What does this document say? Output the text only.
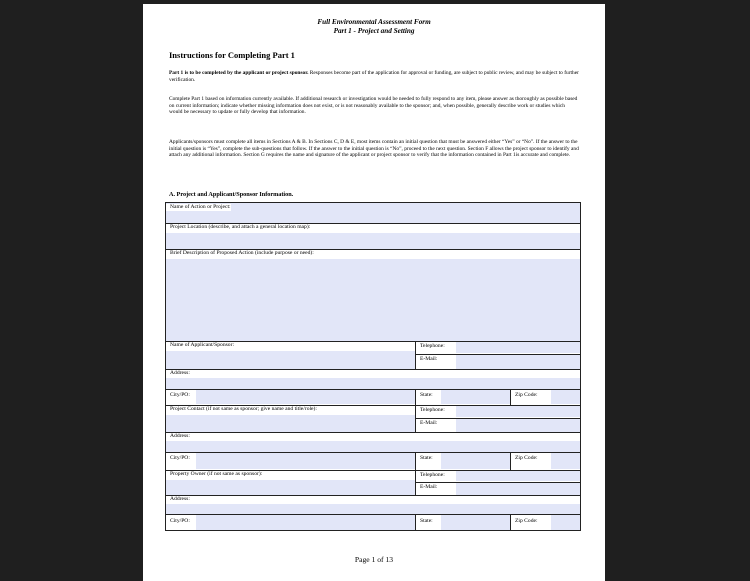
Full Environmental Assessment Form
Part 1 - Project and Setting
Instructions for Completing Part 1
Part 1 is to be completed by the applicant or project sponsor. Responses become part of the application for approval or funding, are subject to public review, and may be subject to further verification.
Complete Part 1 based on information currently available. If additional research or investigation would be needed to fully respond to any item, please answer as thoroughly as possible based on current information; indicate whether missing information does not exist, or is not reasonably available to the sponsor; and, when possible, generally describe work or studies which would be necessary to update or fully develop that information.
Applicants/sponsors must complete all items in Sections A & B. In Sections C, D & E, most items contain an initial question that must be answered either “Yes” or “No”. If the answer to the initial question is “Yes”, complete the sub-questions that follow. If the answer to the initial question is “No”, proceed to the next question. Section F allows the project sponsor to identify and attach any additional information. Section G requires the name and signature of the applicant or project sponsor to verify that the information contained in Part 1is accurate and complete.
A. Project and Applicant/Sponsor Information.
Name of Action or Project:
Project Location (describe, and attach a general location map):
Brief Description of Proposed Action (include purpose or need):
Name of Applicant/Sponsor:	Telephone:
E-Mail:
Address:
City/PO:	State:	Zip Code:
Project Contact (if not same as sponsor; give name and title/role):	Telephone:
E-Mail:
Address:
City/PO:	State:	Zip Code:
Property Owner (if not same as sponsor):	Telephone:
E-Mail:
Address:
City/PO:	State:	Zip Code:
Page 1 of 13
